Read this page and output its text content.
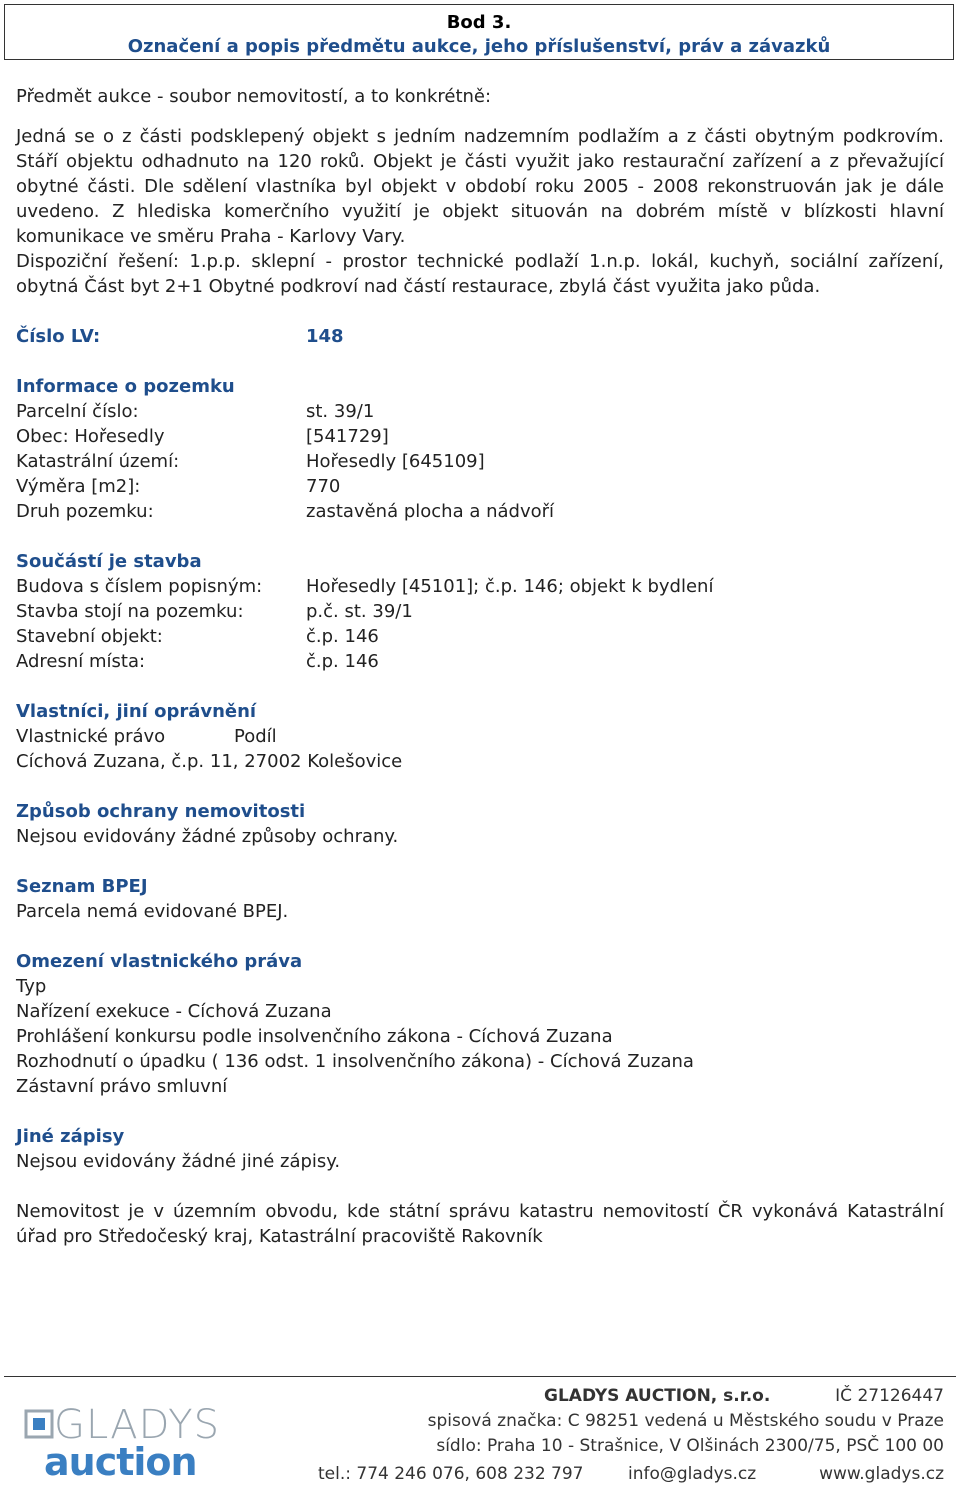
Bod 3.
Označení a popis předmětu aukce, jeho příslušenství, práv a závazků

Předmět aukce - soubor nemovitostí, a to konkrétně:

Jedná se o z části podsklepený objekt s jedním nadzemním podlažím a z části obytným podkrovím. Stáří objektu odhadnuto na 120 roků. Objekt je části využit jako restaurační zařízení a z převažující obytné části. Dle sdělení vlastníka byl objekt v období roku 2005 - 2008 rekonstruován jak je dále uvedeno. Z hlediska komerčního využití je objekt situován na dobrém místě v blízkosti hlavní komunikace ve směru Praha - Karlovy Vary.

Dispoziční řešení: 1.p.p. sklepní - prostor technické podlaží 1.n.p. lokál, kuchyň, sociální zařízení, obytná Část byt 2+1 Obytné podkroví nad částí restaurace, zbylá část využita jako půda.

Číslo LV:	148

Informace o pozemku

Parcelní číslo:	st. 39/1
Obec: Hořesedly	[541729]
Katastrální území:	Hořesedly [645109]
Výměra [m2]:	770
Druh pozemku:	zastavěná plocha a nádvoří

Součástí je stavba

Budova s číslem popisným:	Hořesedly [45101]; č.p. 146; objekt k bydlení
Stavba stojí na pozemku:	p.č. st. 39/1
Stavební objekt:	č.p. 146
Adresní místa:	č.p. 146

Vlastníci, jiní oprávnění

Vlastnické právo	Podíl

Cíchová Zuzana, č.p. 11, 27002 Kolešovice

Způsob ochrany nemovitosti

Nejsou evidovány žádné způsoby ochrany.

Seznam BPEJ

Parcela nemá evidované BPEJ.

Omezení vlastnického práva

Typ

Nařízení exekuce - Cíchová Zuzana

Prohlášení konkursu podle insolvenčního zákona - Cíchová Zuzana

Rozhodnutí o úpadku ( 136 odst. 1 insolvenčního zákona) - Cíchová Zuzana

Zástavní právo smluvní

Jiné zápisy

Nejsou evidovány žádné jiné zápisy.

Nemovitost je v územním obvodu, kde státní správu katastru nemovitostí ČR vykonává Katastrální úřad pro Středočeský kraj, Katastrální pracoviště Rakovník

GLADYS
auction
GLADYS AUCTION, s.r.o.	IČ 27126447
spisová značka: C 98251 vedená u Městského soudu v Praze
sídlo: Praha 10 - Strašnice, V Olšinách 2300/75, PSČ 100 00
tel.: 774 246 076, 608 232 797	info@gladys.cz	www.gladys.cz
